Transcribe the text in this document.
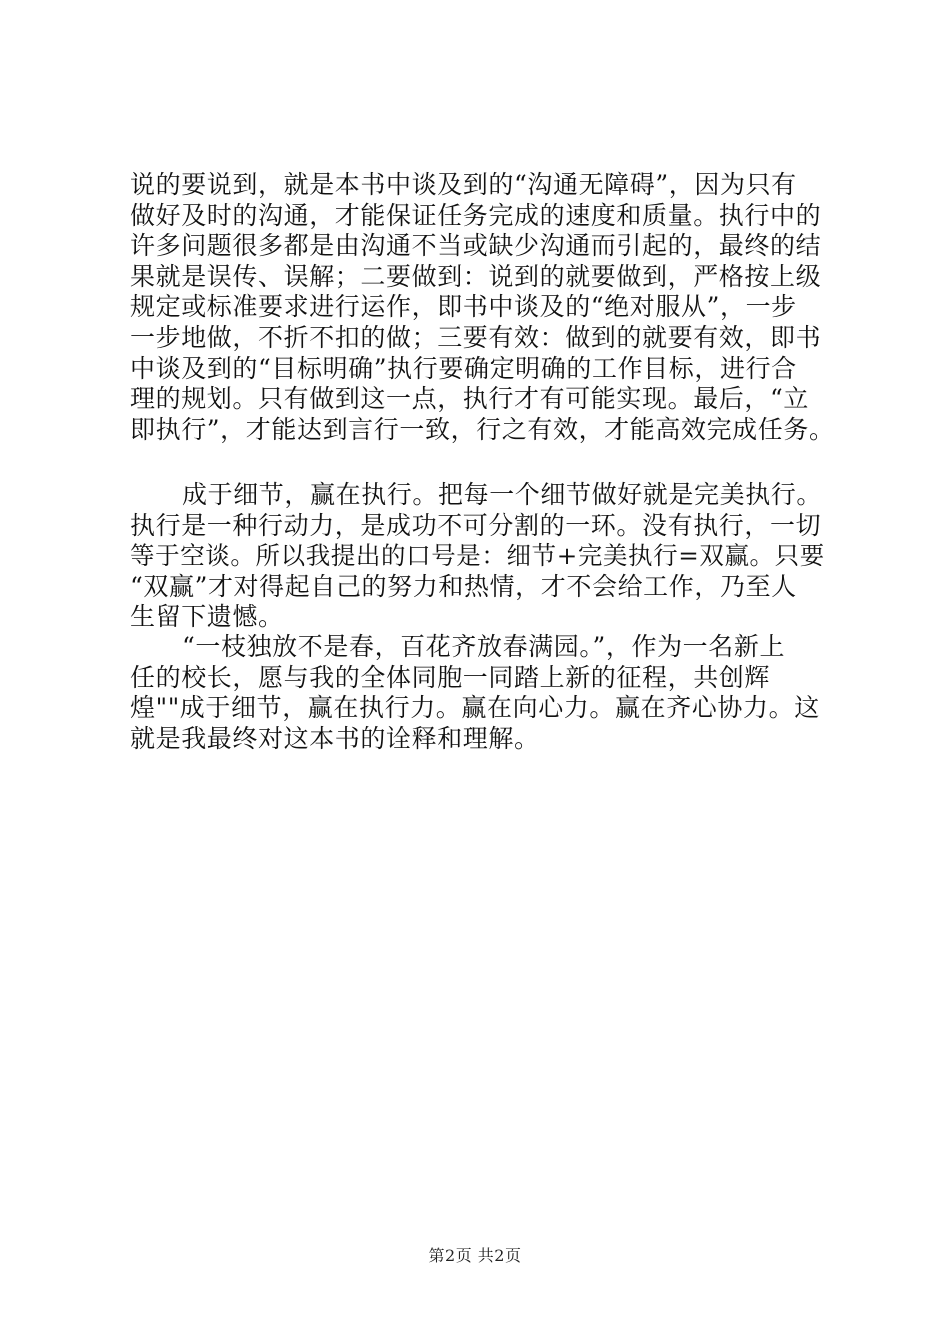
说的要说到，就是本书中谈及到的“沟通无障碍”，因为只有
做好及时的沟通，才能保证任务完成的速度和质量。执行中的
许多问题很多都是由沟通不当或缺少沟通而引起的，最终的结
果就是误传、误解；二要做到：说到的就要做到，严格按上级
规定或标准要求进行运作，即书中谈及的“绝对服从”，一步
一步地做，不折不扣的做；三要有效：做到的就要有效，即书
中谈及到的“目标明确”执行要确定明确的工作目标，进行合
理的规划。只有做到这一点，执行才有可能实现。最后，“立
即执行”，才能达到言行一致，行之有效，才能高效完成任务。
成于细节，赢在执行。把每一个细节做好就是完美执行。
执行是一种行动力，是成功不可分割的一环。没有执行，一切
等于空谈。所以我提出的口号是：细节+完美执行=双赢。只要
“双赢”才对得起自己的努力和热情，才不会给工作，乃至人
生留下遗憾。
“一枝独放不是春，百花齐放春满园。”，作为一名新上
任的校长，愿与我的全体同胞一同踏上新的征程，共创辉
煌""成于细节，赢在执行力。赢在向心力。赢在齐心协力。这
就是我最终对这本书的诠释和理解。
第2页 共2页
